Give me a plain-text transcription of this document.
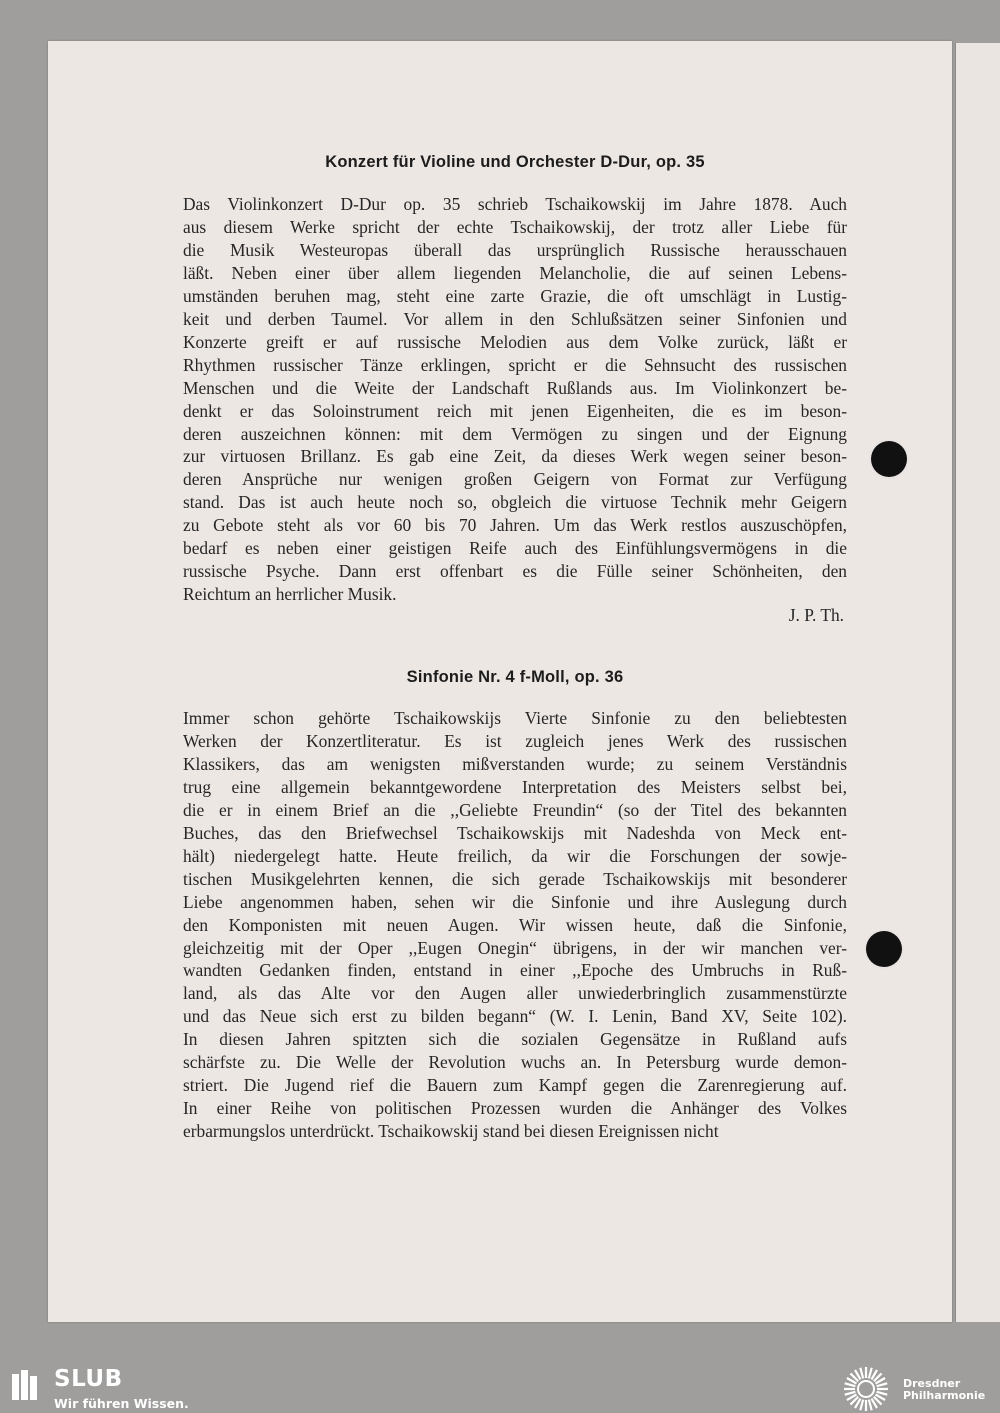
Konzert für Violine und Orchester D-Dur, op. 35
Das Violinkonzert D-Dur op. 35 schrieb Tschaikowskij im Jahre 1878. Auch
aus diesem Werke spricht der echte Tschaikowskij, der trotz aller Liebe für
die Musik Westeuropas überall das ursprünglich Russische herausschauen
läßt. Neben einer über allem liegenden Melancholie, die auf seinen Lebens-
umständen beruhen mag, steht eine zarte Grazie, die oft umschlägt in Lustig-
keit und derben Taumel. Vor allem in den Schlußsätzen seiner Sinfonien und
Konzerte greift er auf russische Melodien aus dem Volke zurück, läßt er
Rhythmen russischer Tänze erklingen, spricht er die Sehnsucht des russischen
Menschen und die Weite der Landschaft Rußlands aus. Im Violinkonzert be-
denkt er das Soloinstrument reich mit jenen Eigenheiten, die es im beson-
deren auszeichnen können: mit dem Vermögen zu singen und der Eignung
zur virtuosen Brillanz. Es gab eine Zeit, da dieses Werk wegen seiner beson-
deren Ansprüche nur wenigen großen Geigern von Format zur Verfügung
stand. Das ist auch heute noch so, obgleich die virtuose Technik mehr Geigern
zu Gebote steht als vor 60 bis 70 Jahren. Um das Werk restlos auszuschöpfen,
bedarf es neben einer geistigen Reife auch des Einfühlungsvermögens in die
russische Psyche. Dann erst offenbart es die Fülle seiner Schönheiten, den
Reichtum an herrlicher Musik.
J. P. Th.
Sinfonie Nr. 4 f-Moll, op. 36
Immer schon gehörte Tschaikowskijs Vierte Sinfonie zu den beliebtesten
Werken der Konzertliteratur. Es ist zugleich jenes Werk des russischen
Klassikers, das am wenigsten mißverstanden wurde; zu seinem Verständnis
trug eine allgemein bekanntgewordene Interpretation des Meisters selbst bei,
die er in einem Brief an die ,,Geliebte Freundin“ (so der Titel des bekannten
Buches, das den Briefwechsel Tschaikowskijs mit Nadeshda von Meck ent-
hält) niedergelegt hatte. Heute freilich, da wir die Forschungen der sowje-
tischen Musikgelehrten kennen, die sich gerade Tschaikowskijs mit besonderer
Liebe angenommen haben, sehen wir die Sinfonie und ihre Auslegung durch
den Komponisten mit neuen Augen. Wir wissen heute, daß die Sinfonie,
gleichzeitig mit der Oper ,,Eugen Onegin“ übrigens, in der wir manchen ver-
wandten Gedanken finden, entstand in einer ,,Epoche des Umbruchs in Ruß-
land, als das Alte vor den Augen aller unwiederbringlich zusammenstürzte
und das Neue sich erst zu bilden begann“ (W. I. Lenin, Band XV, Seite 102).
In diesen Jahren spitzten sich die sozialen Gegensätze in Rußland aufs
schärfste zu. Die Welle der Revolution wuchs an. In Petersburg wurde demon-
striert. Die Jugend rief die Bauern zum Kampf gegen die Zarenregierung auf.
In einer Reihe von politischen Prozessen wurden die Anhänger des Volkes
erbarmungslos unterdrückt. Tschaikowskij stand bei diesen Ereignissen nicht
SLUB
Wir führen Wissen.
Dresdner
Philharmonie
